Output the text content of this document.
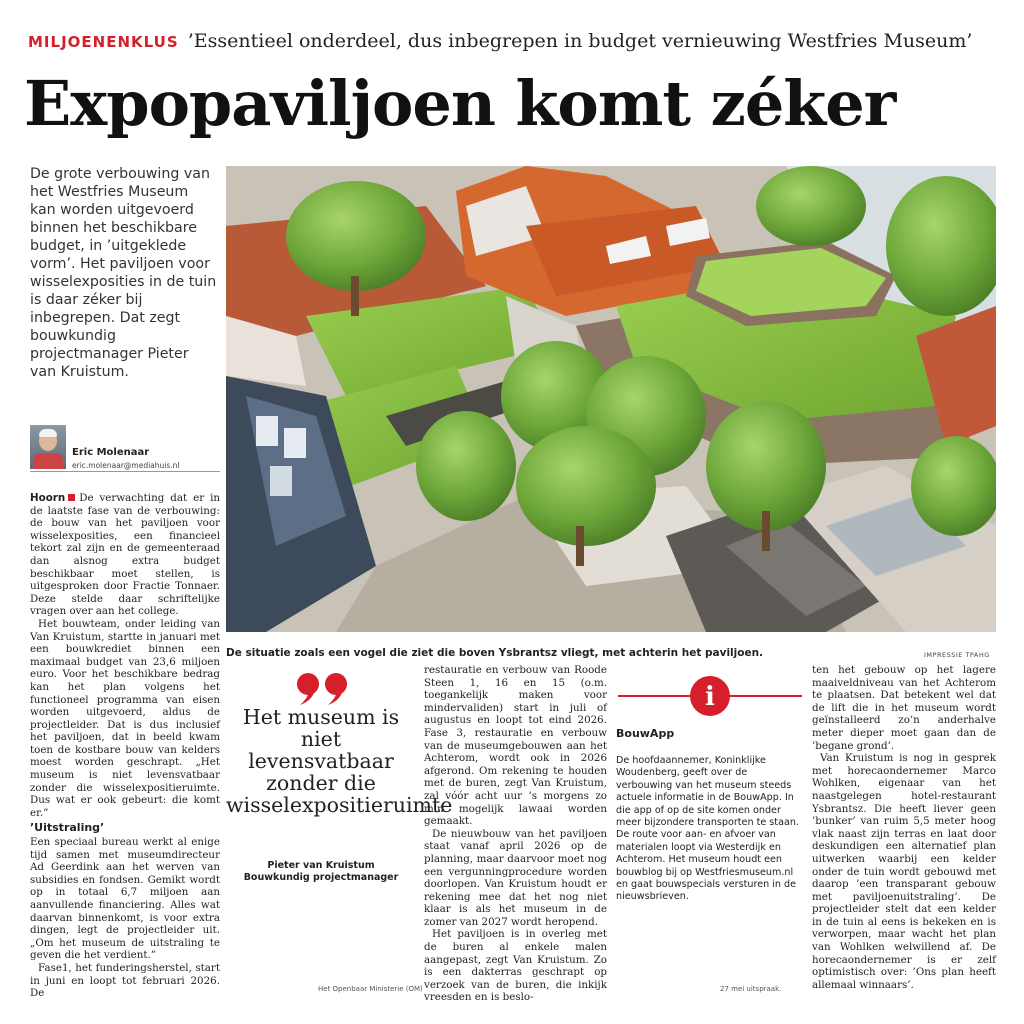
MILJOENENKLUS ’Essentieel onderdeel, dus inbegrepen in budget vernieuwing Westfries Museum’
Expopaviljoen komt zéker
De grote verbouwing van het Westfries Museum kan worden uitgevoerd binnen het beschikbare budget, in ’uitgeklede vorm’. Het paviljoen voor wisselexposities in de tuin is daar zéker bij inbegrepen. Dat zegt bouwkundig projectmanager Pieter van Kruistum.
Eric Molenaar
eric.molenaar@mediahuis.nl
De situatie zoals een vogel die ziet die boven Ysbrantsz vliegt, met achterin het paviljoen.	IMPRESSIE TPAHG

Hoorn De verwachting dat er in de laatste fase van de verbouwing: de bouw van het paviljoen voor wisselexposities, een financieel tekort zal zijn en de gemeenteraad dan alsnog extra budget beschikbaar moet stellen, is uitgesproken door Fractie Tonnaer. Deze stelde daar schriftelijke vragen over aan het college.

Het bouwteam, onder leiding van Van Kruistum, startte in januari met een bouwkrediet binnen een maximaal budget van 23,6 miljoen euro. Voor het beschikbare bedrag kan het plan volgens het functioneel programma van eisen worden uitgevoerd, aldus de projectleider. Dat is dus inclusief het paviljoen, dat in beeld kwam toen de kostbare bouw van kelders moest worden geschrapt. „Het museum is niet levensvatbaar zonder die wisselexpositieruimte. Dus wat er ook gebeurt: die komt er.”

’Uitstraling’

Een speciaal bureau werkt al enige tijd samen met museumdirecteur Ad Geerdink aan het werven van subsidies en fondsen. Gemikt wordt op in totaal 6,7 miljoen aan aanvullende financiering. Alles wat daarvan binnenkomt, is voor extra dingen, legt de projectleider uit. „Om het museum de uitstraling te geven die het verdient.”

Fase1, het funderingsherstel, start in juni en loopt tot februari 2026. De

Het museum is niet levensvatbaar zonder die wisselexpositieruimte
Pieter van Kruistum
Bouwkundig projectmanager

restauratie en verbouw van Roode Steen 1, 16 en 15 (o.m. toegankelijk maken voor mindervaliden) start in juli of augustus en loopt tot eind 2026. Fase 3, restauratie en verbouw van de museumgebouwen aan het Achterom, wordt ook in 2026 afgerond. Om rekening te houden met de buren, zegt Van Kruistum, zal vóór acht uur ’s morgens zo min mogelijk lawaai worden gemaakt.

De nieuwbouw van het paviljoen staat vanaf april 2026 op de planning, maar daarvoor moet nog een vergunningprocedure worden doorlopen. Van Kruistum houdt er rekening mee dat het nog niet klaar is als het museum in de zomer van 2027 wordt heropend.

Het paviljoen is in overleg met de buren al enkele malen aangepast, zegt Van Kruistum. Zo is een dakterras geschrapt op verzoek van de buren, die inkijk vreesden en is beslo-

i
BouwApp
De hoofdaannemer, Koninklijke Woudenberg, geeft over de verbouwing van het museum steeds actuele informatie in de BouwApp. In die app of op de site komen onder meer bijzondere transporten te staan. De route voor aan- en afvoer van materialen loopt via Westerdijk en Achterom. Het museum houdt een bouwblog bij op Westfriesmuseum.nl en gaat bouwspecials versturen in de nieuwsbrieven.

ten het gebouw op het lagere maaiveldniveau van het Achterom te plaatsen. Dat betekent wel dat de lift die in het museum wordt geïnstalleerd zo’n anderhalve meter dieper moet gaan dan de ’begane grond’.

Van Kruistum is nog in gesprek met horecaondernemer Marco Wohlken, eigenaar van het naastgelegen hotel-restaurant Ysbrantsz. Die heeft liever geen ’bunker’ van ruim 5,5 meter hoog vlak naast zijn terras en laat door deskundigen een alternatief plan uitwerken waarbij een kelder onder de tuin wordt gebouwd met daarop ’een transparant gebouw met paviljoenuitstraling’. De projectleider stelt dat een kelder in de tuin al eens is bekeken en is verworpen, maar wacht het plan van Wohlken welwillend af. De horecaondernemer is er zelf optimistisch over: ’Ons plan heeft allemaal winnaars’.

Het Openbaar Ministerie (OM)	27 mei uitspraak.
